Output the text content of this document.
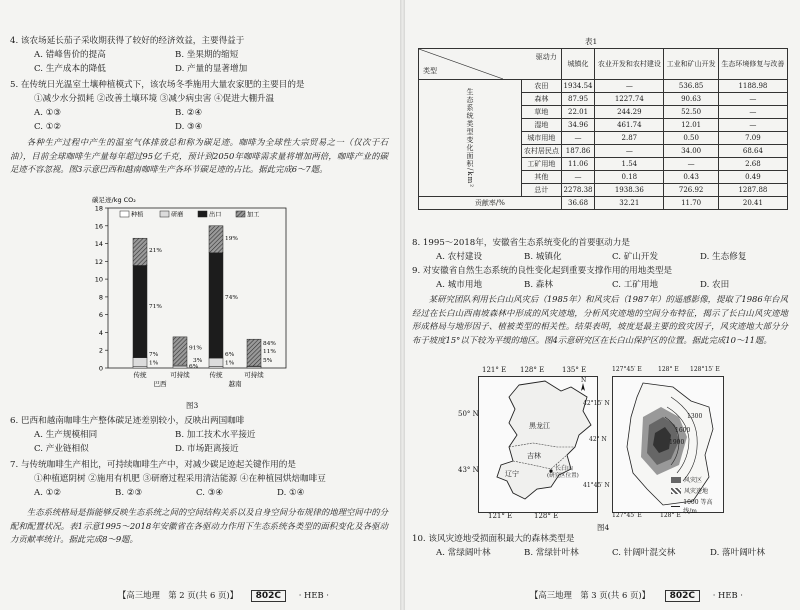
4. 该农场延长茄子采收期获得了较好的经济效益，主要得益于
A. 错峰售价的提高	B. 坐果期的缩短
C. 生产成本的降低	D. 产量的显著增加
5. 在传统日光温室土壤种植模式下，该农场冬季施用大量农家肥的主要目的是
①减少水分损耗 ②改善土壤环境 ③减少病虫害 ④促进大棚升温
A. ①③	B. ②④
C. ①②	D. ③④
各种生产过程中产生的温室气体排放总和称为碳足迹。咖啡为全球性大宗贸易之一（仅次于石油），目前全球咖啡生产量每年超过95亿千克，预计到2050年咖啡需求量将增加两倍，咖啡产业的碳足迹不容忽视。图3示意巴西和越南咖啡生产各环节碳足迹的占比。据此完成6～7题。
0
2
4
6
8
10
12
14
16
18
碳足迹/kg CO₂
种植	研磨	出口	加工
传统	可持续	传统	可持续
巴西	越南
21%
71%
7%
1%
91%
3%
6%
19%
74%
6%
1%
84%
11%
5%
图3
6. 巴西和越南咖啡生产整体碳足迹差别较小，反映出两国咖啡
A. 生产规模相同	B. 加工技术水平接近
C. 产业链相似	D. 市场距离接近
7. 与传统咖啡生产相比，可持续咖啡生产中，对减少碳足迹起关键作用的是
①种植遮阴树 ②施用有机肥 ③研磨过程采用清洁能源 ④在种植园烘焙咖啡豆
A. ①②	B. ②③	C. ③④	D. ①④
生态系统格局是指能够反映生态系统之间的空间结构关系以及自身空间分布规律的地理空间中的分配和配置状况。表1示意1995～2018年安徽省在各驱动力作用下生态系统各类型的面积变化及各驱动力贡献率统计。据此完成8～9题。
【高三地理　第 2 页(共 6 页)】 802C · HEB ·
表1
驱动力
类型		城镇化	农业开发和农村建设	工业和矿山开发	生态环境修复与改善
生态系统类型变化面积/km²	农田	1934.54	—	536.85	1188.98
	森林	87.95	1227.74	90.63	—
	草地	22.01	244.29	52.50	—
	湿地	34.96	461.74	12.01	—
	城市用地	—	2.87	0.50	7.09
	农村居民点	187.86	—	34.00	68.64
	工矿用地	11.06	1.54	—	2.68
	其他	—	0.18	0.43	0.49
	总计	2278.38	1938.36	726.92	1287.88
贡献率/%		36.68	32.21	11.70	20.41
8. 1995～2018年，安徽省生态系统变化的首要驱动力是
A. 农村建设	B. 城镇化	C. 矿山开发	D. 生态修复
9. 对安徽省自然生态系统的良性变化起到重要支撑作用的用地类型是
A. 城市用地	B. 森林	C. 工矿用地	D. 农田
某研究团队利用长白山风灾后（1985年）和风灾后（1987年）的遥感影像，提取了1986年台风经过在长白山西南坡森林中形成的风灾迹地，分析风灾迹地的空间分布特征，揭示了长白山风灾迹地形成格局与地形因子、植被类型的相关性。结果表明，坡度是最主要的致灾因子，风灾迹地大部分分布于坡度15°以下较为平缓的地区。图4示意研究区在长白山保护区的位置。据此完成10～11题。
N
黑龙江
吉林
辽宁
长白山
(研究区位置)
121° E 128° E	135° E
121° E	128° E
50° N
43° N
1300
1600
1900
风灾区
风灾迹地
1000 等高线/m
127°45′ E	128° E 128°15′ E
127°45′ E	128° E
42°15′ N
42° N
41°45′ N
图4
10. 该风灾迹地受损面积最大的森林类型是
A. 常绿阔叶林	B. 常绿针叶林	C. 针阔叶混交林	D. 落叶阔叶林
【高三地理　第 3 页(共 6 页)】 802C · HEB ·
